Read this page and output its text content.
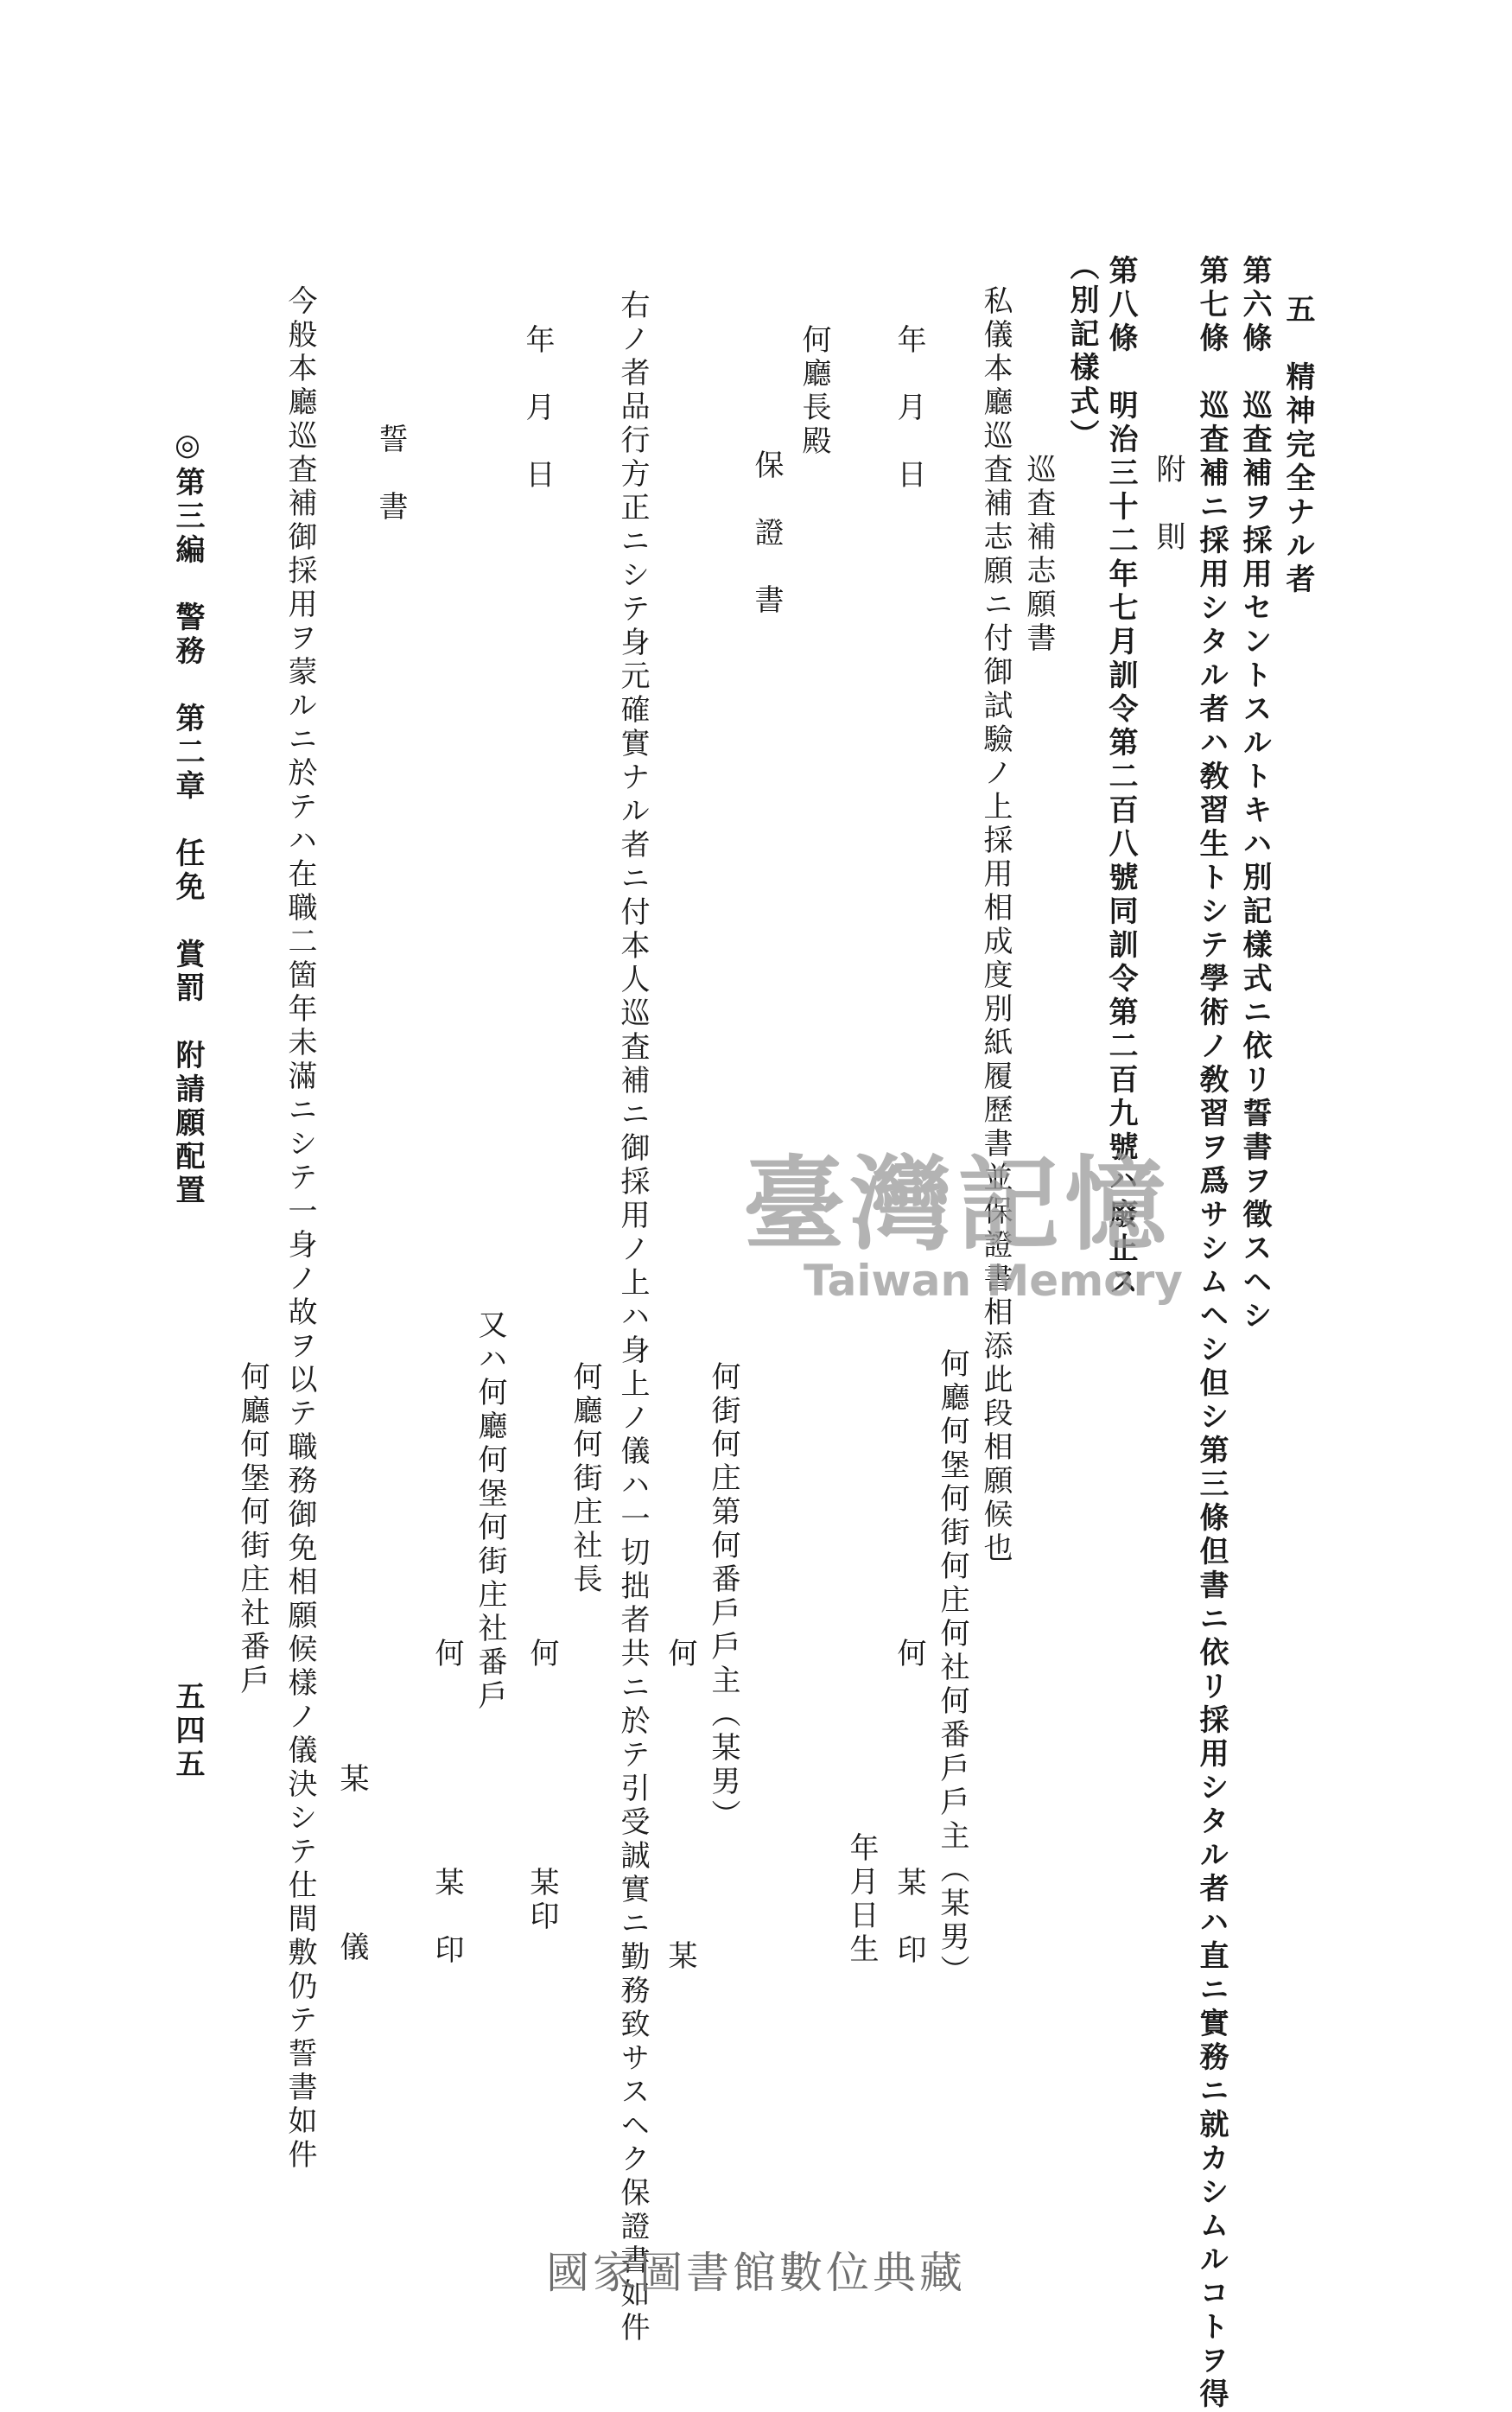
五　精神完全ナル者
第六條　巡査補ヲ採用セントスルトキハ別記樣式ニ依リ誓書ヲ徵スヘシ
第七條　巡査補ニ採用シタル者ハ敎習生トシテ學術ノ敎習ヲ爲サシムヘシ但シ第三條但書ニ依リ採用シタル者ハ直ニ實務ニ就カシムルコトヲ得
附　則
第八條　明治三十二年七月訓令第二百八號同訓令第二百九號ハ廢止ス
（別記樣式）
巡査補志願書
私儀本廳巡査補志願ニ付御試驗ノ上採用相成度別紙履歷書並保證書相添此段相願候也
何廳何堡何街何庄何社何番戶戶主（某男）
年　月　日
何
某　印
年月日生
何廳長殿
保　證　書
何街何庄第何番戶戶主（某男）
何
某
右ノ者品行方正ニシテ身元確實ナル者ニ付本人巡査補ニ御採用ノ上ハ身上ノ儀ハ一切拙者共ニ於テ引受誠實ニ勤務致サスヘク保證書如件
何廳何街庄社長
何
某印
年　月　日
又ハ何廳何堡何街庄社番戶
何
某　印
誓　書
某
儀
今般本廳巡査補御採用ヲ蒙ルニ於テハ在職二箇年未滿ニシテ一身ノ故ヲ以テ職務御免相願候樣ノ儀決シテ仕間敷仍テ誓書如件
何廳何堡何街庄社番戶
◎第三編　警務　第二章　任免　賞罰　附請願配置
五四五
臺灣記憶
Taiwan Memory
國家圖書館數位典藏
